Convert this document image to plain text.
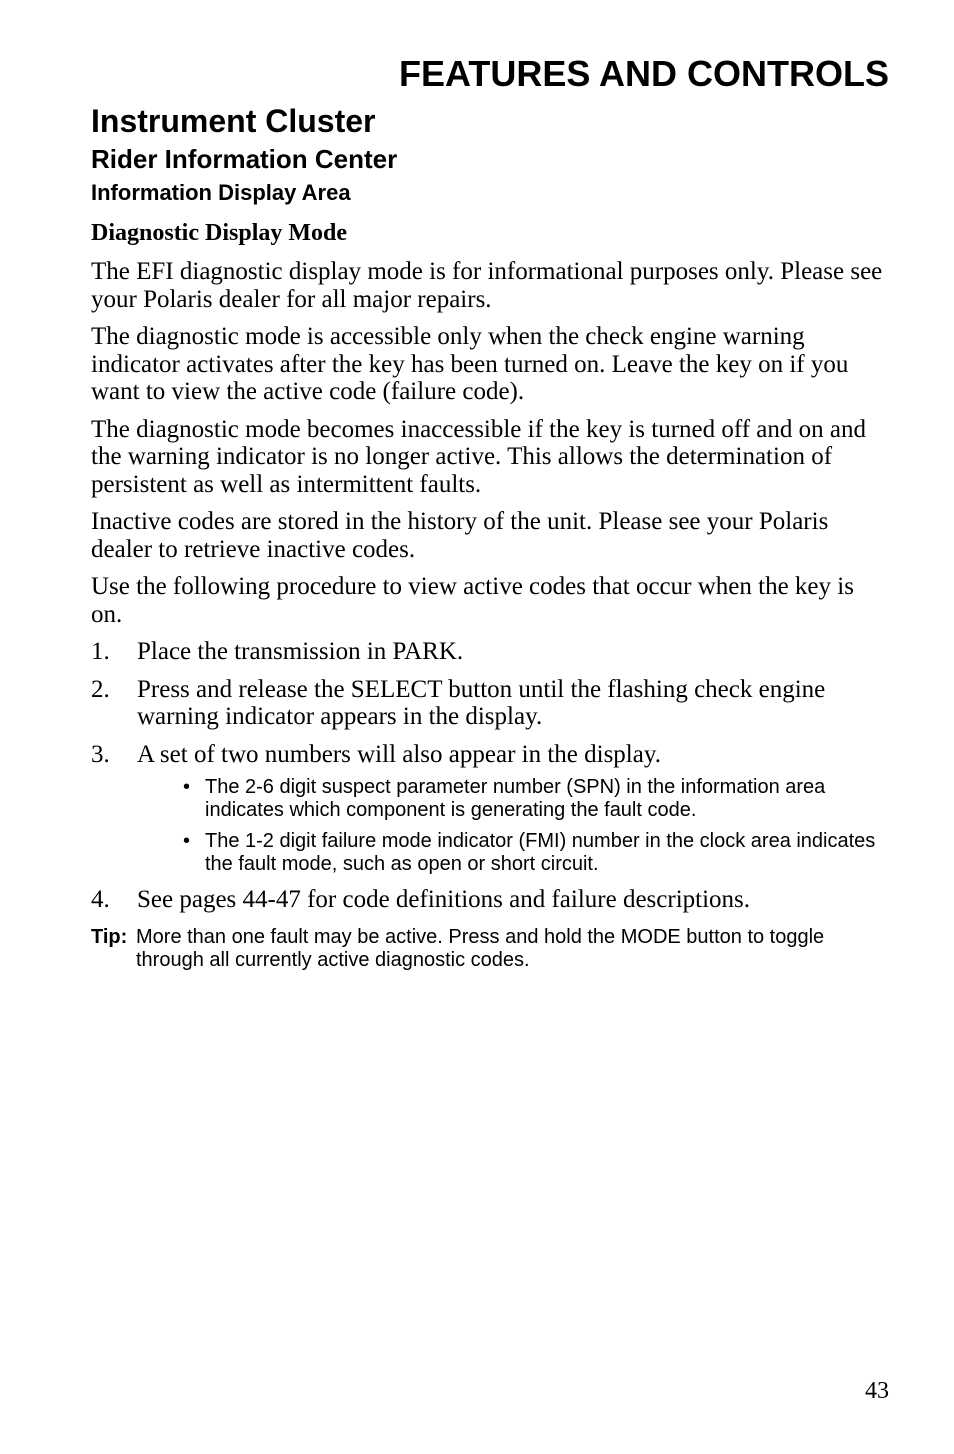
FEATURES AND CONTROLS
Instrument Cluster
Rider Information Center
Information Display Area
Diagnostic Display Mode

The EFI diagnostic display mode is for informational purposes only. Please see your Polaris dealer for all major repairs.

The diagnostic mode is accessible only when the check engine warning indicator activates after the key has been turned on. Leave the key on if you want to view the active code (failure code).

The diagnostic mode becomes inaccessible if the key is turned off and on and the warning indicator is no longer active. This allows the determination of persistent as well as intermittent faults.

Inactive codes are stored in the history of the unit. Please see your Polaris dealer to retrieve inactive codes.

Use the following procedure to view active codes that occur when the key is on.

1. Place the transmission in PARK.
2. Press and release the SELECT button until the flashing check engine warning indicator appears in the display.
3. A set of two numbers will also appear in the display.
• The 2-6 digit suspect parameter number (SPN) in the information area indicates which component is generating the fault code.
• The 1-2 digit failure mode indicator (FMI) number in the clock area indicates the fault mode, such as open or short circuit.
4. See pages 44-47 for code definitions and failure descriptions.

Tip: More than one fault may be active. Press and hold the MODE button to toggle through all currently active diagnostic codes.

43
